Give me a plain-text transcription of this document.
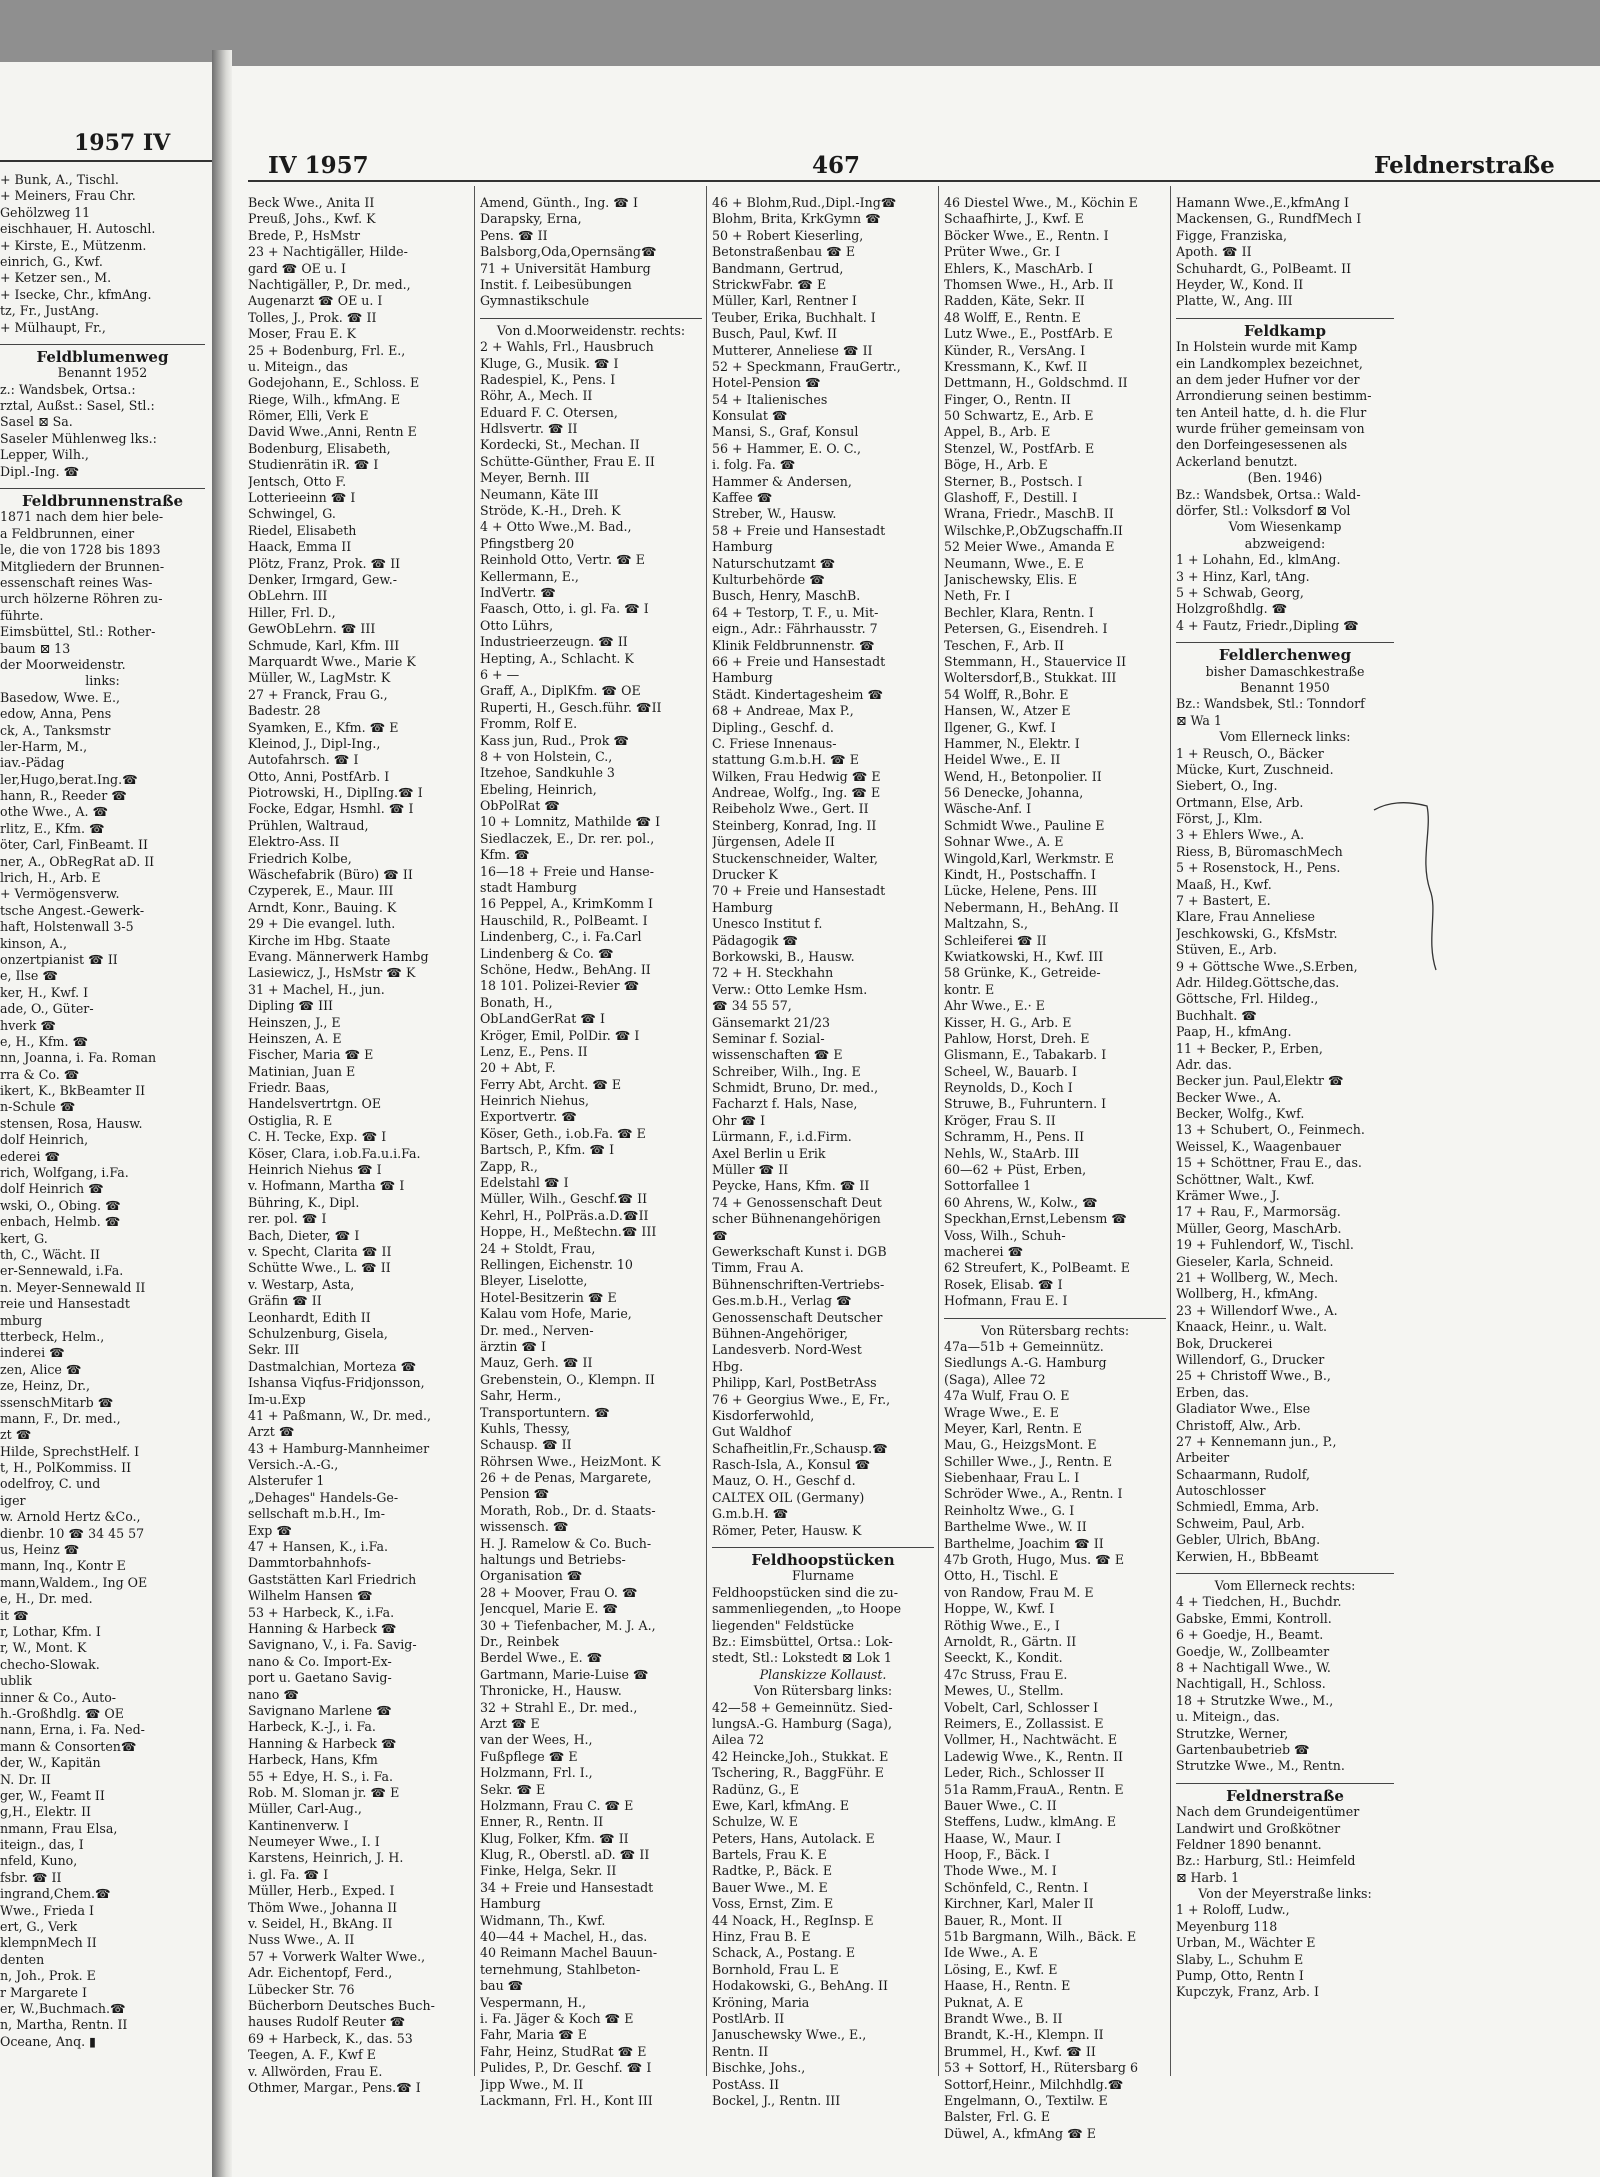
1957 IV
+ Bunk, A., Tischl.
+ Meiners, Frau Chr.
Gehölzweg 11
eischhauer, H. Autoschl.
+ Kirste, E., Mützenm.
einrich, G., Kwf.
+ Ketzer sen., M.
+ Isecke, Chr., kfmAng.
tz, Fr., JustAng.
+ Mülhaupt, Fr.,
Feldblumenweg
Benannt 1952
z.: Wandsbek, Ortsa.:
rztal, Außst.: Sasel, Stl.:
Sasel ⊠ Sa.
Saseler Mühlenweg lks.:
Lepper, Wilh.,
Dipl.-Ing. ☎
Feldbrunnenstraße
1871 nach dem hier bele-
a Feldbrunnen, einer
le, die von 1728 bis 1893
Mitgliedern der Brunnen-
essenschaft reines Was-
urch hölzerne Röhren zu-
führte.
Eimsbüttel, Stl.: Rother-
baum ⊠ 13
der Moorweidenstr.
links:
Basedow, Wwe. E.,
edow, Anna, Pens
ck, A., Tanksmstr
ler-Harm, M.,
iav.-Pädag
ler,Hugo,berat.Ing.☎
hann, R., Reeder ☎
othe Wwe., A. ☎
rlitz, E., Kfm. ☎
öter, Carl, FinBeamt. II
ner, A., ObRegRat aD. II
lrich, H., Arb. E
+ Vermögensverw.
tsche Angest.-Gewerk-
haft, Holstenwall 3-5
kinson, A.,
onzertpianist ☎ II
e, Ilse ☎
ker, H., Kwf. I
ade, O., Güter-
hverk ☎
e, H., Kfm. ☎
nn, Joanna, i. Fa. Roman
rra & Co. ☎
ikert, K., BkBeamter II
n-Schule ☎
stensen, Rosa, Hausw.
dolf Heinrich,
ederei ☎
rich, Wolfgang, i.Fa.
dolf Heinrich ☎
wski, O., Obing. ☎
enbach, Helmb. ☎
kert, G.
th, C., Wächt. II
er-Sennewald, i.Fa.
n. Meyer-Sennewald II
reie und Hansestadt
mburg
tterbeck, Helm.,
inderei ☎
zen, Alice ☎
ze, Heinz, Dr.,
ssenschMitarb ☎
mann, F., Dr. med.,
zt ☎
Hilde, SprechstHelf. I
t, H., PolKommiss. II
odelfroy, C. und
iger
w. Arnold Hertz &Co.,
dienbr. 10 ☎ 34 45 57
us, Heinz ☎
mann, Inq., Kontr E
mann,Waldem., Ing OE
e, H., Dr. med.
it ☎
r, Lothar, Kfm. I
r, W., Mont. K
checho-Slowak.
ublik
inner & Co., Auto-
h.-Großhdlg. ☎ OE
nann, Erna, i. Fa. Ned-
mann & Consorten☎
der, W., Kapitän
N. Dr. II
ger, W., Feamt II
g,H., Elektr. II
nmann, Frau Elsa,
iteign., das, I
nfeld, Kuno,
fsbr. ☎ II
ingrand,Chem.☎
Wwe., Frieda I
ert, G., Verk
klempnMech II
denten
n, Joh., Prok. E
r Margarete I
er, W.,Buchmach.☎
n, Martha, Rentn. II
Oceane, Anq. ▮
IV 1957	467	Feldnerstraße
Beck Wwe., Anita II
Preuß, Johs., Kwf. K
Brede, P., HsMstr
23 + Nachtigäller, Hilde-
gard ☎ OE u. I
Nachtigäller, P., Dr. med.,
Augenarzt ☎ OE u. I
Tolles, J., Prok. ☎ II
Moser, Frau E. K
25 + Bodenburg, Frl. E.,
u. Miteign., das
Godejohann, E., Schloss. E
Riege, Wilh., kfmAng. E
Römer, Elli, Verk E
David Wwe.,Anni, Rentn E
Bodenburg, Elisabeth,
Studienrätin iR. ☎ I
Jentsch, Otto F.
Lotterieeinn ☎ I
Schwingel, G.
Riedel, Elisabeth
Haack, Emma II
Plötz, Franz, Prok. ☎ II
Denker, Irmgard, Gew.-
ObLehrn. III
Hiller, Frl. D.,
GewObLehrn. ☎ III
Schmude, Karl, Kfm. III
Marquardt Wwe., Marie K
Müller, W., LagMstr. K
27 + Franck, Frau G.,
Badestr. 28
Syamken, E., Kfm. ☎ E
Kleinod, J., Dipl-Ing.,
Autofahrsch. ☎ I
Otto, Anni, PostfArb. I
Piotrowski, H., DiplIng.☎ I
Focke, Edgar, Hsmhl. ☎ I
Prühlen, Waltraud,
Elektro-Ass. II
Friedrich Kolbe,
Wäschefabrik (Büro) ☎ II
Czyperek, E., Maur. III
Arndt, Konr., Bauing. K
29 + Die evangel. luth.
Kirche im Hbg. Staate
Evang. Männerwerk Hambg
Lasiewicz, J., HsMstr ☎ K
31 + Machel, H., jun.
Dipling ☎ III
Heinszen, J., E
Heinszen, A. E
Fischer, Maria ☎ E
Matinian, Juan E
Friedr. Baas,
Handelsvertrtgn. OE
Ostiglia, R. E
C. H. Tecke, Exp. ☎ I
Köser, Clara, i.ob.Fa.u.i.Fa.
Heinrich Niehus ☎ I
v. Hofmann, Martha ☎ I
Bühring, K., Dipl.
rer. pol. ☎ I
Bach, Dieter, ☎ I
v. Specht, Clarita ☎ II
Schütte Wwe., L. ☎ II
v. Westarp, Asta,
Gräfin ☎ II
Leonhardt, Edith II
Schulzenburg, Gisela,
Sekr. III
Dastmalchian, Morteza ☎
Ishansa Viqfus-Fridjonsson,
Im-u.Exp
41 + Paßmann, W., Dr. med.,
Arzt ☎
43 + Hamburg-Mannheimer
Versich.-A.-G.,
Alsterufer 1
„Dehages" Handels-Ge-
sellschaft m.b.H., Im-
Exp ☎
47 + Hansen, K., i.Fa.
Dammtorbahnhofs-
Gaststätten Karl Friedrich
Wilhelm Hansen ☎
53 + Harbeck, K., i.Fa.
Hanning & Harbeck ☎
Savignano, V., i. Fa. Savig-
nano & Co. Import-Ex-
port u. Gaetano Savig-
nano ☎
Savignano Marlene ☎
Harbeck, K.-J., i. Fa.
Hanning & Harbeck ☎
Harbeck, Hans, Kfm
55 + Edye, H. S., i. Fa.
Rob. M. Sloman jr. ☎ E
Müller, Carl-Aug.,
Kantinenverw. I
Neumeyer Wwe., I. I
Karstens, Heinrich, J. H.
i. gl. Fa. ☎ I
Müller, Herb., Exped. I
Thöm Wwe., Johanna II
v. Seidel, H., BkAng. II
Nuss Wwe., A. II
57 + Vorwerk Walter Wwe.,
Adr. Eichentopf, Ferd.,
Lübecker Str. 76
Bücherborn Deutsches Buch-
hauses Rudolf Reuter ☎
69 + Harbeck, K., das. 53
Teegen, A. F., Kwf E
v. Allwörden, Frau E.
Othmer, Margar., Pens.☎ I
Amend, Günth., Ing. ☎ I
Darapsky, Erna,
Pens. ☎ II
Balsborg,Oda,Opernsäng☎
71 + Universität Hamburg
Instit. f. Leibesübungen
Gymnastikschule
Von d.Moorweidenstr. rechts:
2 + Wahls, Frl., Hausbruch
Kluge, G., Musik. ☎ I
Radespiel, K., Pens. I
Röhr, A., Mech. II
Eduard F. C. Otersen,
Hdlsvertr. ☎ II
Kordecki, St., Mechan. II
Schütte-Günther, Frau E. II
Meyer, Bernh. III
Neumann, Käte III
Ströde, K.-H., Dreh. K
4 + Otto Wwe.,M. Bad.,
Pfingstberg 20
Reinhold Otto, Vertr. ☎ E
Kellermann, E.,
IndVertr. ☎
Faasch, Otto, i. gl. Fa. ☎ I
Otto Lührs,
Industrieerzeugn. ☎ II
Hepting, A., Schlacht. K
6 + —
Graff, A., DiplKfm. ☎ OE
Ruperti, H., Gesch.führ. ☎II
Fromm, Rolf E.
Kass jun, Rud., Prok ☎
8 + von Holstein, C.,
Itzehoe, Sandkuhle 3
Ebeling, Heinrich,
ObPolRat ☎
10 + Lomnitz, Mathilde ☎ I
Siedlaczek, E., Dr. rer. pol.,
Kfm. ☎
16—18 + Freie und Hanse-
stadt Hamburg
16 Peppel, A., KrimKomm I
Hauschild, R., PolBeamt. I
Lindenberg, C., i. Fa.Carl
Lindenberg & Co. ☎
Schöne, Hedw., BehAng. II
18 101. Polizei-Revier ☎
Bonath, H.,
ObLandGerRat ☎ I
Kröger, Emil, PolDir. ☎ I
Lenz, E., Pens. II
20 + Abt, F.
Ferry Abt, Archt. ☎ E
Heinrich Niehus,
Exportvertr. ☎
Köser, Geth., i.ob.Fa. ☎ E
Bartsch, P., Kfm. ☎ I
Zapp, R.,
Edelstahl ☎ I
Müller, Wilh., Geschf.☎ II
Kehrl, H., PolPräs.a.D.☎II
Hoppe, H., Meßtechn.☎ III
24 + Stoldt, Frau,
Rellingen, Eichenstr. 10
Bleyer, Liselotte,
Hotel-Besitzerin ☎ E
Kalau vom Hofe, Marie,
Dr. med., Nerven-
ärztin ☎ I
Mauz, Gerh. ☎ II
Grebenstein, O., Klempn. II
Sahr, Herm.,
Transportuntern. ☎
Kuhls, Thessy,
Schausp. ☎ II
Röhrsen Wwe., HeizMont. K
26 + de Penas, Margarete,
Pension ☎
Morath, Rob., Dr. d. Staats-
wissensch. ☎
H. J. Ramelow & Co. Buch-
haltungs und Betriebs-
Organisation ☎
28 + Moover, Frau O. ☎
Jencquel, Marie E. ☎
30 + Tiefenbacher, M. J. A.,
Dr., Reinbek
Berdel Wwe., E. ☎
Gartmann, Marie-Luise ☎
Thronicke, H., Hausw.
32 + Strahl E., Dr. med.,
Arzt ☎ E
van der Wees, H.,
Fußpflege ☎ E
Holzmann, Frl. I.,
Sekr. ☎ E
Holzmann, Frau C. ☎ E
Enner, R., Rentn. II
Klug, Folker, Kfm. ☎ II
Klug, R., Oberstl. aD. ☎ II
Finke, Helga, Sekr. II
34 + Freie und Hansestadt
Hamburg
Widmann, Th., Kwf.
40—44 + Machel, H., das.
40 Reimann Machel Bauun-
ternehmung, Stahlbeton-
bau ☎
Vespermann, H.,
i. Fa. Jäger & Koch ☎ E
Fahr, Maria ☎ E
Fahr, Heinz, StudRat ☎ E
Pulides, P., Dr. Geschf. ☎ I
Jipp Wwe., M. II
Lackmann, Frl. H., Kont III
46 + Blohm,Rud.,Dipl.-Ing☎
Blohm, Brita, KrkGymn ☎
50 + Robert Kieserling,
Betonstraßenbau ☎ E
Bandmann, Gertrud,
StrickwFabr. ☎ E
Müller, Karl, Rentner I
Teuber, Erika, Buchhalt. I
Busch, Paul, Kwf. II
Mutterer, Anneliese ☎ II
52 + Speckmann, FrauGertr.,
Hotel-Pension ☎
54 + Italienisches
Konsulat ☎
Mansi, S., Graf, Konsul
56 + Hammer, E. O. C.,
i. folg. Fa. ☎
Hammer & Andersen,
Kaffee ☎
Streber, W., Hausw.
58 + Freie und Hansestadt
Hamburg
Naturschutzamt ☎
Kulturbehörde ☎
Busch, Henry, MaschB.
64 + Testorp, T. F., u. Mit-
eign., Adr.: Fährhausstr. 7
Klinik Feldbrunnenstr. ☎
66 + Freie und Hansestadt
Hamburg
Städt. Kindertagesheim ☎
68 + Andreae, Max P.,
Dipling., Geschf. d.
C. Friese Innenaus-
stattung G.m.b.H. ☎ E
Wilken, Frau Hedwig ☎ E
Andreae, Wolfg., Ing. ☎ E
Reibeholz Wwe., Gert. II
Steinberg, Konrad, Ing. II
Jürgensen, Adele II
Stuckenschneider, Walter,
Drucker K
70 + Freie und Hansestadt
Hamburg
Unesco Institut f.
Pädagogik ☎
Borkowski, B., Hausw.
72 + H. Steckhahn
Verw.: Otto Lemke Hsm.
☎ 34 55 57,
Gänsemarkt 21/23
Seminar f. Sozial-
wissenschaften ☎ E
Schreiber, Wilh., Ing. E
Schmidt, Bruno, Dr. med.,
Facharzt f. Hals, Nase,
Ohr ☎ I
Lürmann, F., i.d.Firm.
Axel Berlin u Erik
Müller ☎ II
Peycke, Hans, Kfm. ☎ II
74 + Genossenschaft Deut
scher Bühnenangehörigen
☎
Gewerkschaft Kunst i. DGB
Timm, Frau A.
Bühnenschriften-Vertriebs-
Ges.m.b.H., Verlag ☎
Genossenschaft Deutscher
Bühnen-Angehöriger,
Landesverb. Nord-West
Hbg.
Philipp, Karl, PostBetrAss
76 + Georgius Wwe., E, Fr.,
Kisdorferwohld,
Gut Waldhof
Schafheitlin,Fr.,Schausp.☎
Rasch-Isla, A., Konsul ☎
Mauz, O. H., Geschf d.
CALTEX OIL (Germany)
G.m.b.H. ☎
Römer, Peter, Hausw. K
Feldhoopstücken
Flurname
Feldhoopstücken sind die zu-
sammenliegenden, „to Hoope
liegenden" Feldstücke
Bz.: Eimsbüttel, Ortsa.: Lok-
stedt, Stl.: Lokstedt ⊠ Lok 1
Planskizze Kollaust.
Von Rütersbarg links:
42—58 + Gemeinnütz. Sied-
lungsA.-G. Hamburg (Saga),
Ailea 72
42 Heincke,Joh., Stukkat. E
Tschering, R., BaggFühr. E
Radünz, G., E
Ewe, Karl, kfmAng. E
Schulze, W. E
Peters, Hans, Autolack. E
Bartels, Frau K. E
Radtke, P., Bäck. E
Bauer Wwe., M. E
Voss, Ernst, Zim. E
44 Noack, H., RegInsp. E
Hinz, Frau B. E
Schack, A., Postang. E
Bornhold, Frau L. E
Hodakowski, G., BehAng. II
Kröning, Maria
PostlArb. II
Januschewsky Wwe., E.,
Rentn. II
Bischke, Johs.,
PostAss. II
Bockel, J., Rentn. III
46 Diestel Wwe., M., Köchin E
Schaafhirte, J., Kwf. E
Böcker Wwe., E., Rentn. I
Prüter Wwe., Gr. I
Ehlers, K., MaschArb. I
Thomsen Wwe., H., Arb. II
Radden, Käte, Sekr. II
48 Wolff, E., Rentn. E
Lutz Wwe., E., PostfArb. E
Künder, R., VersAng. I
Kressmann, K., Kwf. II
Dettmann, H., Goldschmd. II
Finger, O., Rentn. II
50 Schwartz, E., Arb. E
Appel, B., Arb. E
Stenzel, W., PostfArb. E
Böge, H., Arb. E
Sterner, B., Postsch. I
Glashoff, F., Destill. I
Wrana, Friedr., MaschB. II
Wilschke,P.,ObZugschaffn.II
52 Meier Wwe., Amanda E
Neumann, Wwe., E. E
Janischewsky, Elis. E
Neth, Fr. I
Bechler, Klara, Rentn. I
Petersen, G., Eisendreh. I
Teschen, F., Arb. II
Stemmann, H., Stauervice II
Woltersdorf,B., Stukkat. III
54 Wolff, R.,Bohr. E
Hansen, W., Atzer E
Ilgener, G., Kwf. I
Hammer, N., Elektr. I
Heidel Wwe., E. II
Wend, H., Betonpolier. II
56 Denecke, Johanna,
Wäsche-Anf. I
Schmidt Wwe., Pauline E
Sohnar Wwe., A. E
Wingold,Karl, Werkmstr. E
Kindt, H., Postschaffn. I
Lücke, Helene, Pens. III
Nebermann, H., BehAng. II
Maltzahn, S.,
Schleiferei ☎ II
Kwiatkowski, H., Kwf. III
58 Grünke, K., Getreide-
kontr. E
Ahr Wwe., E.· E
Kisser, H. G., Arb. E
Pahlow, Horst, Dreh. E
Glismann, E., Tabakarb. I
Scheel, W., Bauarb. I
Reynolds, D., Koch I
Struwe, B., Fuhruntern. I
Kröger, Frau S. II
Schramm, H., Pens. II
Nehls, W., StaArb. III
60—62 + Püst, Erben,
Sottorfallee 1
60 Ahrens, W., Kolw., ☎
Speckhan,Ernst,Lebensm ☎
Voss, Wilh., Schuh-
macherei ☎
62 Streufert, K., PolBeamt. E
Rosek, Elisab. ☎ I
Hofmann, Frau E. I
Von Rütersbarg rechts:
47a—51b + Gemeinnütz.
Siedlungs A.-G. Hamburg
(Saga), Allee 72
47a Wulf, Frau O. E
Wrage Wwe., E. E
Meyer, Karl, Rentn. E
Mau, G., HeizgsMont. E
Schiller Wwe., J., Rentn. E
Siebenhaar, Frau L. I
Schröder Wwe., A., Rentn. I
Reinholtz Wwe., G. I
Barthelme Wwe., W. II
Barthelme, Joachim ☎ II
47b Groth, Hugo, Mus. ☎ E
Otto, H., Tischl. E
von Randow, Frau M. E
Hoppe, W., Kwf. I
Röthig Wwe., E., I
Arnoldt, R., Gärtn. II
Seeckt, K., Kondit.
47c Struss, Frau E.
Mewes, U., Stellm.
Vobelt, Carl, Schlosser I
Reimers, E., Zollassist. E
Vollmer, H., Nachtwächt. E
Ladewig Wwe., K., Rentn. II
Leder, Rich., Schlosser II
51a Ramm,FrauA., Rentn. E
Bauer Wwe., C. II
Steffens, Ludw., klmAng. E
Haase, W., Maur. I
Hoop, F., Bäck. I
Thode Wwe., M. I
Schönfeld, C., Rentn. I
Kirchner, Karl, Maler II
Bauer, R., Mont. II
51b Bargmann, Wilh., Bäck. E
Ide Wwe., A. E
Lösing, E., Kwf. E
Haase, H., Rentn. E
Puknat, A. E
Brandt Wwe., B. II
Brandt, K.-H., Klempn. II
Brummel, H., Kwf. ☎ II
53 + Sottorf, H., Rütersbarg 6
Sottorf,Heinr., Milchhdlg.☎
Engelmann, O., Textilw. E
Balster, Frl. G. E
Düwel, A., kfmAng ☎ E
Hamann Wwe.,E.,kfmAng I
Mackensen, G., RundfMech I
Figge, Franziska,
Apoth. ☎ II
Schuhardt, G., PolBeamt. II
Heyder, W., Kond. II
Platte, W., Ang. III
Feldkamp
In Holstein wurde mit Kamp
ein Landkomplex bezeichnet,
an dem jeder Hufner vor der
Arrondierung seinen bestimm-
ten Anteil hatte, d. h. die Flur
wurde früher gemeinsam von
den Dorfeingesessenen als
Ackerland benutzt.
(Ben. 1946)
Bz.: Wandsbek, Ortsa.: Wald-
dörfer, Stl.: Volksdorf ⊠ Vol
Vom Wiesenkamp
abzweigend:
1 + Lohahn, Ed., klmAng.
3 + Hinz, Karl, tAng.
5 + Schwab, Georg,
Holzgroßhdlg. ☎
4 + Fautz, Friedr.,Dipling ☎
Feldlerchenweg
bisher Damaschkestraße
Benannt 1950
Bz.: Wandsbek, Stl.: Tonndorf
⊠ Wa 1
Vom Ellerneck links:
1 + Reusch, O., Bäcker
Mücke, Kurt, Zuschneid.
Siebert, O., Ing.
Ortmann, Else, Arb.
Först, J., Klm.
3 + Ehlers Wwe., A.
Riess, B, BüromaschMech
5 + Rosenstock, H., Pens.
Maaß, H., Kwf.
7 + Bastert, E.
Klare, Frau Anneliese
Jeschkowski, G., KfsMstr.
Stüven, E., Arb.
9 + Göttsche Wwe.,S.Erben,
Adr. Hildeg.Göttsche,das.
Göttsche, Frl. Hildeg.,
Buchhalt. ☎
Paap, H., kfmAng.
11 + Becker, P., Erben,
Adr. das.
Becker jun. Paul,Elektr ☎
Becker Wwe., A.
Becker, Wolfg., Kwf.
13 + Schubert, O., Feinmech.
Weissel, K., Waagenbauer
15 + Schöttner, Frau E., das.
Schöttner, Walt., Kwf.
Krämer Wwe., J.
17 + Rau, F., Marmorsäg.
Müller, Georg, MaschArb.
19 + Fuhlendorf, W., Tischl.
Gieseler, Karla, Schneid.
21 + Wollberg, W., Mech.
Wollberg, H., kfmAng.
23 + Willendorf Wwe., A.
Knaack, Heinr., u. Walt.
Bok, Druckerei
Willendorf, G., Drucker
25 + Christoff Wwe., B.,
Erben, das.
Gladiator Wwe., Else
Christoff, Alw., Arb.
27 + Kennemann jun., P.,
Arbeiter
Schaarmann, Rudolf,
Autoschlosser
Schmiedl, Emma, Arb.
Schweim, Paul, Arb.
Gebler, Ulrich, BbAng.
Kerwien, H., BbBeamt
Vom Ellerneck rechts:
4 + Tiedchen, H., Buchdr.
Gabske, Emmi, Kontroll.
6 + Goedje, H., Beamt.
Goedje, W., Zollbeamter
8 + Nachtigall Wwe., W.
Nachtigall, H., Schloss.
18 + Strutzke Wwe., M.,
u. Miteign., das.
Strutzke, Werner,
Gartenbaubetrieb ☎
Strutzke Wwe., M., Rentn.
Feldnerstraße
Nach dem Grundeigentümer
Landwirt und Großkötner
Feldner 1890 benannt.
Bz.: Harburg, Stl.: Heimfeld
⊠ Harb. 1
Von der Meyerstraße links:
1 + Roloff, Ludw.,
Meyenburg 118
Urban, M., Wächter E
Slaby, L., Schuhm E
Pump, Otto, Rentn I
Kupczyk, Franz, Arb. I
